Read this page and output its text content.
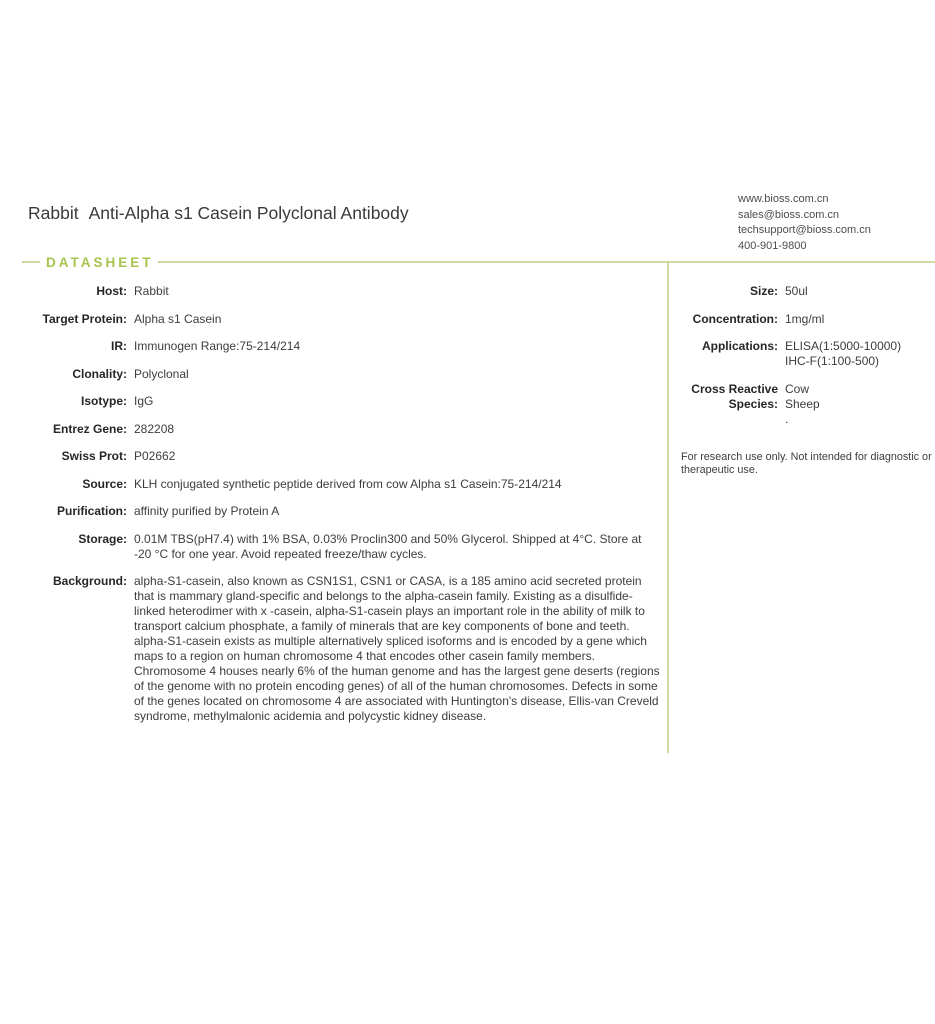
Rabbit Anti-Alpha s1 Casein Polyclonal Antibody
www.bioss.com.cn
sales@bioss.com.cn
techsupport@bioss.com.cn
400-901-9800
DATASHEET
Host: Rabbit
Target Protein: Alpha s1 Casein
IR: Immunogen Range:75-214/214
Clonality: Polyclonal
Isotype: IgG
Entrez Gene: 282208
Swiss Prot: P02662
Source: KLH conjugated synthetic peptide derived from cow Alpha s1 Casein:75-214/214
Purification: affinity purified by Protein A
Storage: 0.01M TBS(pH7.4) with 1% BSA, 0.03% Proclin300 and 50% Glycerol. Shipped at 4°C. Store at -20 °C for one year. Avoid repeated freeze/thaw cycles.
Background: alpha-S1-casein, also known as CSN1S1, CSN1 or CASA, is a 185 amino acid secreted protein that is mammary gland-specific and belongs to the alpha-casein family. Existing as a disulfide-linked heterodimer with x -casein, alpha-S1-casein plays an important role in the ability of milk to transport calcium phosphate, a family of minerals that are key components of bone and teeth. alpha-S1-casein exists as multiple alternatively spliced isoforms and is encoded by a gene which maps to a region on human chromosome 4 that encodes other casein family members. Chromosome 4 houses nearly 6% of the human genome and has the largest gene deserts (regions of the genome with no protein encoding genes) of all of the human chromosomes. Defects in some of the genes located on chromosome 4 are associated with Huntington's disease, Ellis-van Creveld syndrome, methylmalonic acidemia and polycystic kidney disease.
Size: 50ul
Concentration: 1mg/ml
Applications: ELISA(1:5000-10000)
IHC-F(1:100-500)
Cross Reactive Species:
Cow
Sheep
.
For research use only. Not intended for diagnostic or
therapeutic use.
